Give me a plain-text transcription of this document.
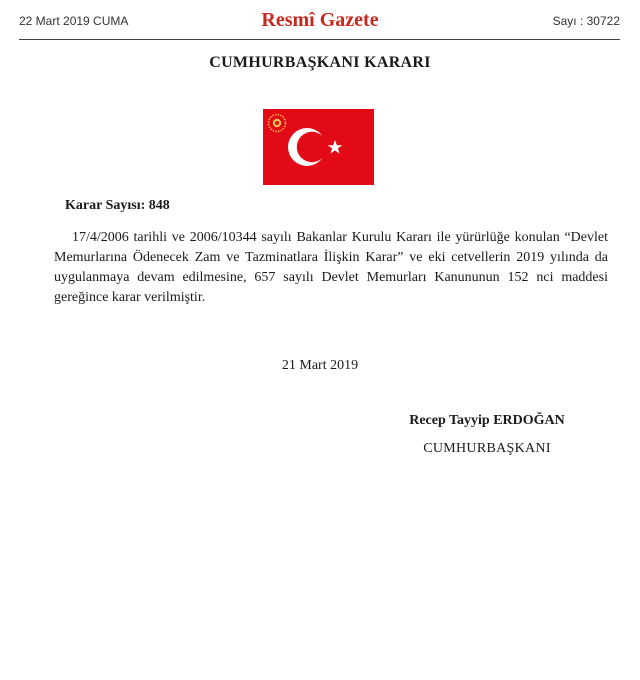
22 Mart 2019 CUMA	Resmî Gazete	Sayı : 30722
CUMHURBAŞKANI KARARI
Karar Sayısı: 848

17/4/2006 tarihli ve 2006/10344 sayılı Bakanlar Kurulu Kararı ile yürürlüğe konulan “Devlet Memurlarına Ödenecek Zam ve Tazminatlara İlişkin Karar” ve eki cetvellerin 2019 yılında da uygulanmaya devam edilmesine, 657 sayılı Devlet Memurları Kanununun 152 nci maddesi gereğince karar verilmiştir.

21 Mart 2019
Recep Tayyip ERDOĞAN
CUMHURBAŞKANI
